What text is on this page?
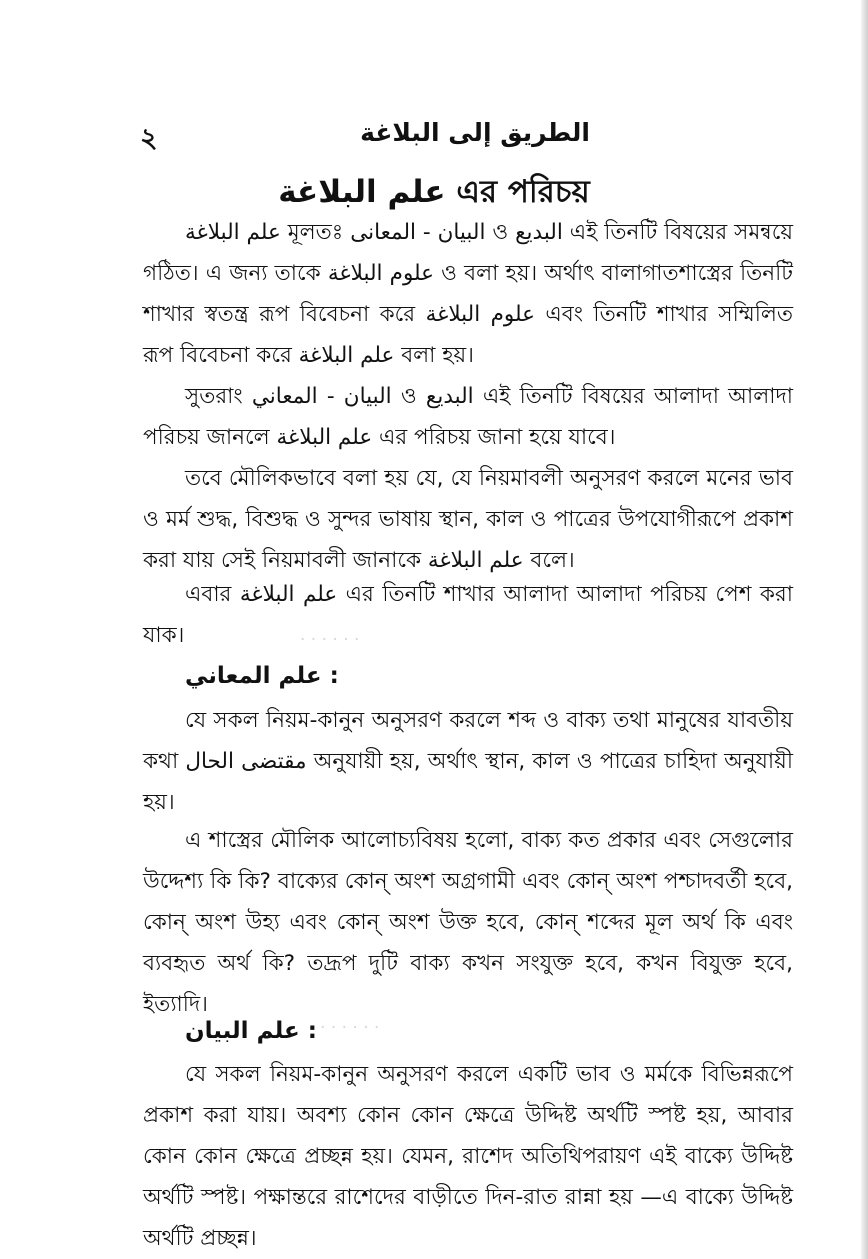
২	الطريق إلى البلاغة
علم البلاغة এর পরিচয়

علم البلاغة মূলতঃ البيان - المعانى ও البديع এই তিনটি বিষয়ের সমন্বয়ে গঠিত। এ জন্য তাকে علوم البلاغة ও বলা হয়। অর্থাৎ বালাগাতশাস্ত্রের তিনটি শাখার স্বতন্ত্র রূপ বিবেচনা করে علوم البلاغة এবং তিনটি শাখার সম্মিলিত রূপ বিবেচনা করে علم البلاغة বলা হয়।

সুতরাং البيان - المعاني ও البديع এই তিনটি বিষয়ের আলাদা আলাদা পরিচয় জানলে علم البلاغة এর পরিচয় জানা হয়ে যাবে।

তবে মৌলিকভাবে বলা হয় যে, যে নিয়মাবলী অনুসরণ করলে মনের ভাব ও মর্ম শুদ্ধ, বিশুদ্ধ ও সুন্দর ভাষায় স্থান, কাল ও পাত্রের উপযোগীরূপে প্রকাশ করা যায় সেই নিয়মাবলী জানাকে علم البلاغة বলে।

এবার علم البلاغة এর তিনটি শাখার আলাদা আলাদা পরিচয় পেশ করা যাক।	· · · · · ·

علم المعاني :

যে সকল নিয়ম-কানুন অনুসরণ করলে শব্দ ও বাক্য তথা মানুষের যাবতীয় কথা مقتضى الحال অনুযায়ী হয়, অর্থাৎ স্থান, কাল ও পাত্রের চাহিদা অনুযায়ী হয়।

এ শাস্ত্রের মৌলিক আলোচ্যবিষয় হলো, বাক্য কত প্রকার এবং সেগুলোর উদ্দেশ্য কি কি? বাক্যের কোন্ অংশ অগ্রগামী এবং কোন্ অংশ পশ্চাদবর্তী হবে, কোন্ অংশ উহ্য এবং কোন্ অংশ উক্ত হবে, কোন্ শব্দের মূল অর্থ কি এবং ব্যবহৃত অর্থ কি? তদ্রূপ দুটি বাক্য কখন সংযুক্ত হবে, কখন বিযুক্ত হবে, ইত্যাদি।

· · · · · ·

علم البيان :

যে সকল নিয়ম-কানুন অনুসরণ করলে একটি ভাব ও মর্মকে বিভিন্নরূপে প্রকাশ করা যায়। অবশ্য কোন কোন ক্ষেত্রে উদ্দিষ্ট অর্থটি স্পষ্ট হয়, আবার কোন কোন ক্ষেত্রে প্রচ্ছন্ন হয়। যেমন, রাশেদ অতিথিপরায়ণ এই বাক্যে উদ্দিষ্ট অর্থটি স্পষ্ট। পক্ষান্তরে রাশেদের বাড়ীতে দিন-রাত রান্না হয় —এ বাক্যে উদ্দিষ্ট অর্থটি প্রচ্ছন্ন।
